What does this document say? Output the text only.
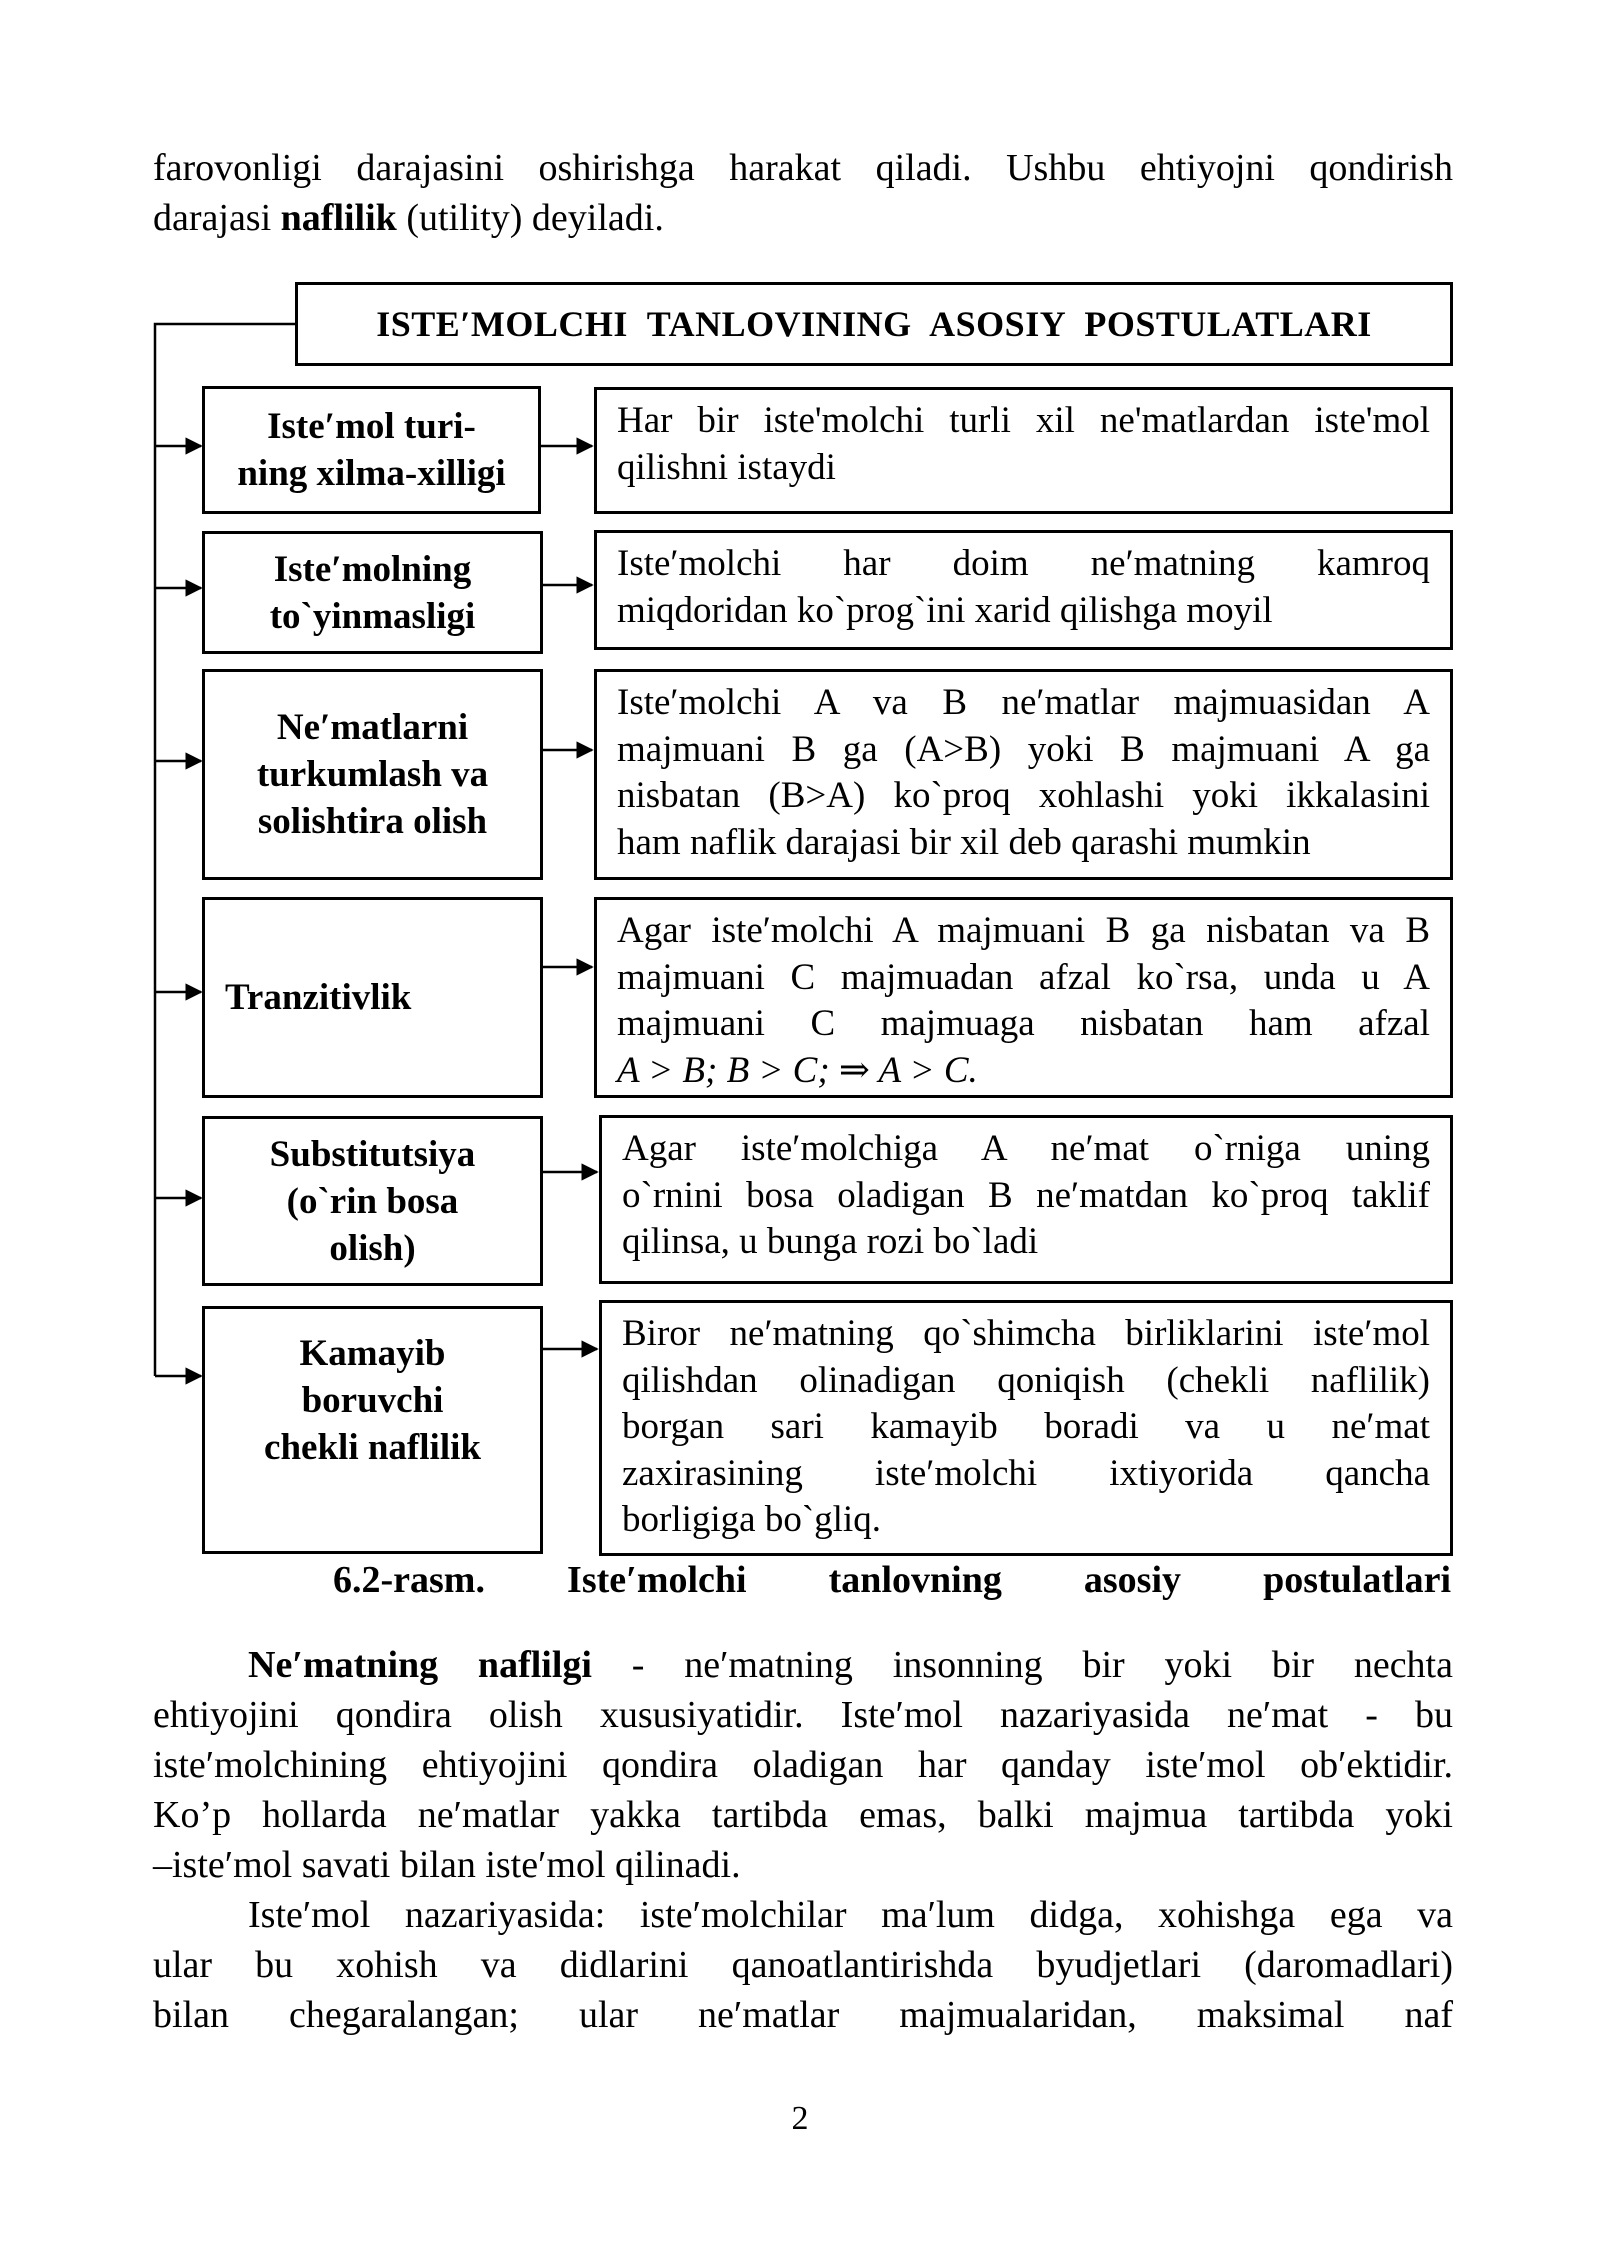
farovonligi darajasini oshirishga harakat qiladi. Ushbu ehtiyojni qondirish
darajasi naflilik (utility) deyiladi.
ISTE′MOLCHI TANLOVINING ASOSIY POSTULATLARI
Iste′mol turi-
ning xilma-xilligi
Har bir iste'molchi turli xil ne'matlardan iste'mol
qilishni istaydi
Iste′molning
to`yinmasligi
Iste′molchi har doim ne′matning kamroq
miqdoridan ko`prog`ini xarid qilishga moyil
Ne′matlarni
turkumlash va
solishtira olish
Iste′molchi A va B ne′matlar majmuasidan A
majmuani B ga (A>B) yoki B majmuani A ga
nisbatan (B>A) ko`proq xohlashi yoki ikkalasini
ham naflik darajasi bir xil deb qarashi mumkin
Tranzitivlik
Agar iste′molchi A majmuani B ga nisbatan va B
majmuani C majmuadan afzal ko`rsa, unda u A
majmuani C majmuaga nisbatan ham afzal
A > B; B > C; ⇒ A > C.
Substitutsiya
(o`rin bosa
olish)
Agar iste′molchiga A ne′mat o`rniga uning
o`rnini bosa oladigan B ne′matdan ko`proq taklif
qilinsa, u bunga rozi bo`ladi
Kamayib
boruvchi
chekli naflilik
Biror ne′matning qo`shimcha birliklarini iste′mol
qilishdan olinadigan qoniqish (chekli naflilik)
borgan sari kamayib boradi va u ne′mat
zaxirasining iste′molchi ixtiyorida qancha
borligiga bo`gliq.
6.2-rasm. Iste′molchi tanlovning asosiy postulatlari
Ne′matning naflilgi - ne′matning insonning bir yoki bir nechta
ehtiyojini qondira olish xususiyatidir. Iste′mol nazariyasida ne′mat - bu
iste′molchining ehtiyojini qondira oladigan har qanday iste′mol ob′ektidir.
Ko’p hollarda ne′matlar yakka tartibda emas, balki majmua tartibda yoki
–iste′mol savati bilan iste′mol qilinadi.
Iste′mol nazariyasida: iste′molchilar ma′lum didga, xohishga ega va
ular bu xohish va didlarini qanoatlantirishda byudjetlari (daromadlari)
bilan chegaralangan; ular ne′matlar majmualaridan, maksimal naf
2
